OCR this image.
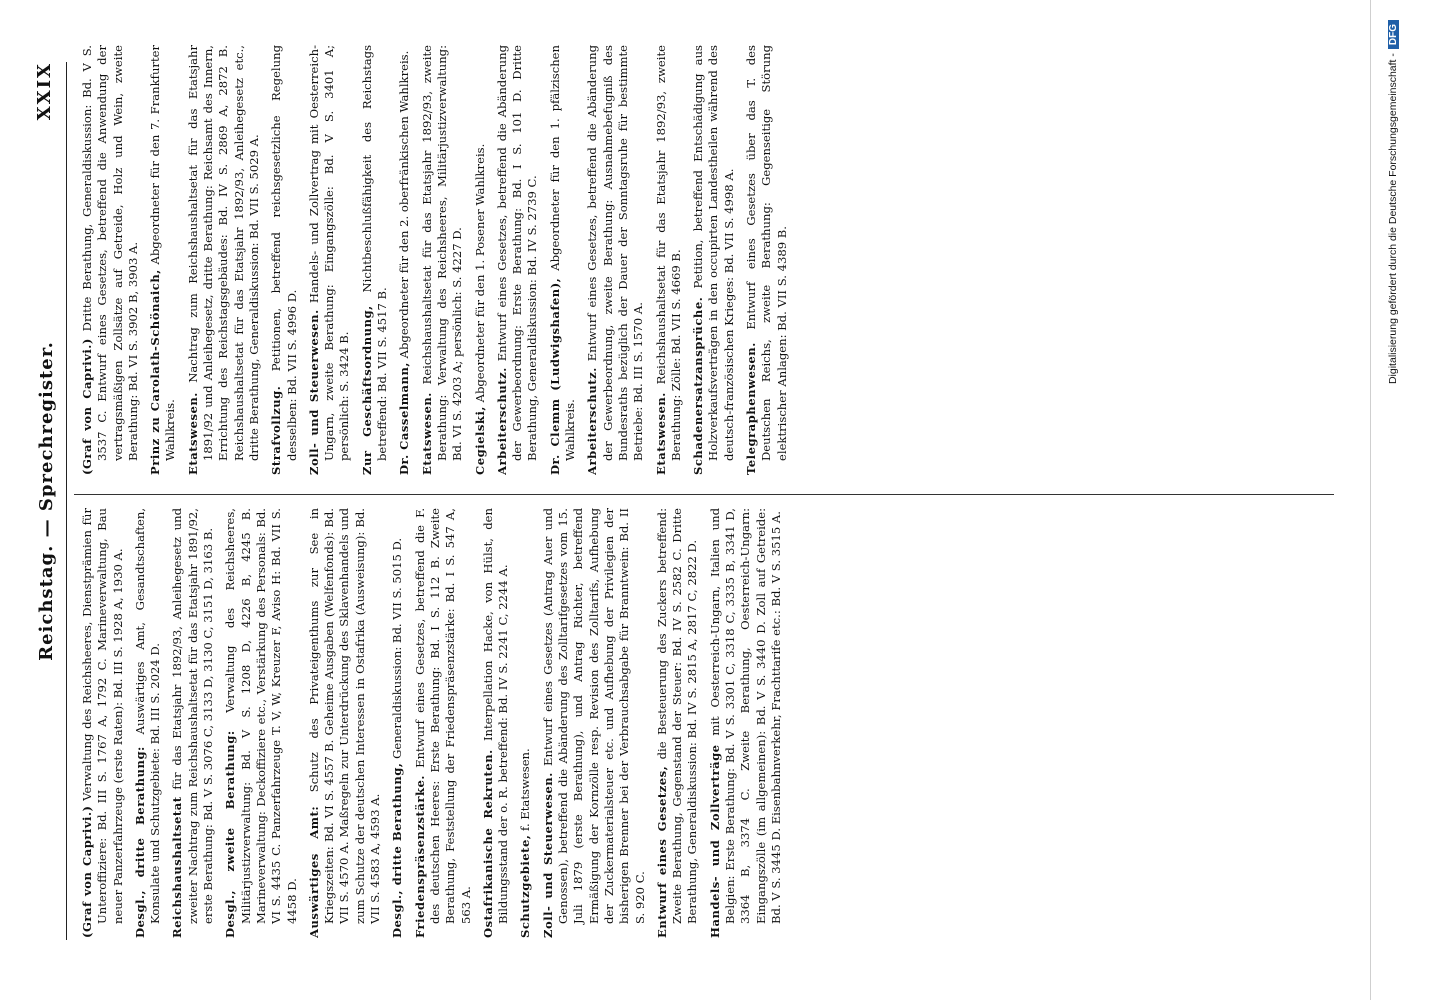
Reichstag. — Sprechregister.
XXIX

(Graf von Caprivi.) Verwaltung des Reichsheeres, Dienstprämien für Unteroffiziere: Bd. III S. 1767 A, 1792 C. Marineverwaltung, Bau neuer Panzerfahrzeuge (erste Raten): Bd. III S. 1928 A, 1930 A. Desgl., dritte Berathung: Auswärtiges Amt, Gesandtschaften, Konsulate und Schutzgebiete: Bd. III S. 2024 D. Reichshaushaltsetat für das Etatsjahr 1892/93, Anleihegesetz und zweiter Nachtrag zum Reichshaushaltsetat für das Etatsjahr 1891/92, erste Berathung: Bd. V S. 3076 C, 3133 D, 3130 C, 3151 D, 3163 B. Desgl., zweite Berathung: Verwaltung des Reichsheeres, Militärjustizverwaltung: Bd. V S. 1208 D, 4226 B, 4245 B. Marineverwaltung: Deckoffiziere etc., Verstärkung des Personals: Bd. VI S. 4435 C. Panzerfahrzeuge T. V, W, Kreuzer F, Aviso H: Bd. VII S. 4458 D. Auswärtiges Amt: Schutz des Privateigenthums zur See in Kriegszeiten: Bd. VI S. 4557 B. Geheime Ausgaben (Welfenfonds): Bd. VII S. 4570 A. Maßregeln zur Unterdrückung des Sklavenhandels und zum Schutze der deutschen Interessen in Ostafrika (Ausweisung): Bd. VII S. 4583 A, 4593 A. Desgl., dritte Berathung, Generaldiskussion: Bd. VII S. 5015 D.

Friedenspräsenzstärke. Entwurf eines Gesetzes, betreffend die F. des deutschen Heeres: Erste Berathung: Bd. I S. 112 B. Zweite Berathung, Feststellung der Friedenspräsenzstärke: Bd. I S. 547 A, 563 A. Ostafrikanische Rekruten. Interpellation Hacke, von Hülst, den Bildungsstand der o. R. betreffend: Bd. IV S. 2241 C, 2244 A. Schutzgebiete, f. Etatswesen. Zoll- und Steuerwesen. Entwurf eines Gesetzes (Antrag Auer und Genossen), betreffend die Abänderung des Zolltarifgesetzes vom 15. Juli 1879 (erste Berathung), und Antrag Richter, betreffend Ermäßigung der Kornzölle resp. Revision des Zolltarifs, Aufhebung der Zuckermaterialsteuer etc. und Aufhebung der Privilegien der bisherigen Brenner bei der Verbrauchsabgabe für Branntwein: Bd. II S. 920 C. Entwurf eines Gesetzes, die Besteuerung des Zuckers betreffend: Zweite Berathung, Gegenstand der Steuer: Bd. IV S. 2582 C. Dritte Berathung, Generaldiskussion: Bd. IV S. 2815 A, 2817 C, 2822 D. Handels- und Zollverträge mit Oesterreich-Ungarn, Italien und Belgien: Erste Berathung: Bd. V S. 3301 C, 3318 C, 3335 B, 3341 D, 3364 B, 3374 C. Zweite Berathung, Oesterreich-Ungarn: Eingangszölle (im allgemeinen): Bd. V S. 3440 D. Zoll auf Getreide: Bd. V S. 3445 D. Eisenbahnverkehr, Frachttarife etc.: Bd. V S. 3515 A.

(Graf von Caprivi.) Dritte Berathung, Generaldiskussion: Bd. V S. 3537 C. Entwurf eines Gesetzes, betreffend die Anwendung der vertragsmäßigen Zollsätze auf Getreide, Holz und Wein, zweite Berathung: Bd. VI S. 3902 B, 3903 A. Prinz zu Carolath-Schönaich, Abgeordneter für den 7. Frankfurter Wahlkreis. Etatswesen. Nachtrag zum Reichshaushaltsetat für das Etatsjahr 1891/92 und Anleihegesetz, dritte Berathung: Reichsamt des Innern, Errichtung des Reichstagsgebäudes: Bd. IV S. 2869 A, 2872 B. Reichshaushaltsetat für das Etatsjahr 1892/93, Anleihegesetz etc., dritte Berathung, Generaldiskussion: Bd. VII S. 5029 A. Strafvollzug. Petitionen, betreffend reichsgesetzliche Regelung desselben: Bd. VII S. 4996 D. Zoll- und Steuerwesen. Handels- und Zollvertrag mit Oesterreich-Ungarn, zweite Berathung: Eingangszölle: Bd. V S. 3401 A; persönlich: S. 3424 B. Zur Geschäftsordnung, Nichtbeschlußfähigkeit des Reichstags betreffend: Bd. VII S. 4517 B. Dr. Casselmann, Abgeordneter für den 2. oberfränkischen Wahlkreis.

Etatswesen. Reichshaushaltsetat für das Etatsjahr 1892/93, zweite Berathung: Verwaltung des Reichsheeres, Militärjustizverwaltung: Bd. VI S. 4203 A; persönlich: S. 4227 D. Cegielski, Abgeordneter für den 1. Posener Wahlkreis.

Arbeiterschutz. Entwurf eines Gesetzes, betreffend die Abänderung der Gewerbeordnung: Erste Berathung: Bd. I S. 101 D. Dritte Berathung, Generaldiskussion: Bd. IV S. 2739 C. Dr. Clemm (Ludwigshafen), Abgeordneter für den 1. pfälzischen Wahlkreis. Arbeiterschutz. Entwurf eines Gesetzes, betreffend die Abänderung der Gewerbeordnung, zweite Berathung: Ausnahmebefugniß des Bundesraths bezüglich der Dauer der Sonntagsruhe für bestimmte Betriebe: Bd. III S. 1570 A. Etatswesen. Reichshaushaltsetat für das Etatsjahr 1892/93, zweite Berathung: Zölle: Bd. VII S. 4669 B. Schadenersatzansprüche. Petition, betreffend Entschädigung aus Holzverkaufsverträgen in den occupirten Landestheilen während des deutsch-französischen Krieges: Bd. VII S. 4998 A. Telegraphenwesen. Entwurf eines Gesetzes über das T. des Deutschen Reichs, zweite Berathung: Gegenseitige Störung elektrischer Anlagen: Bd. VII S. 4389 B.	Digitalisierung gefördert durch die Deutsche Forschungsgemeinschaft -DFG
